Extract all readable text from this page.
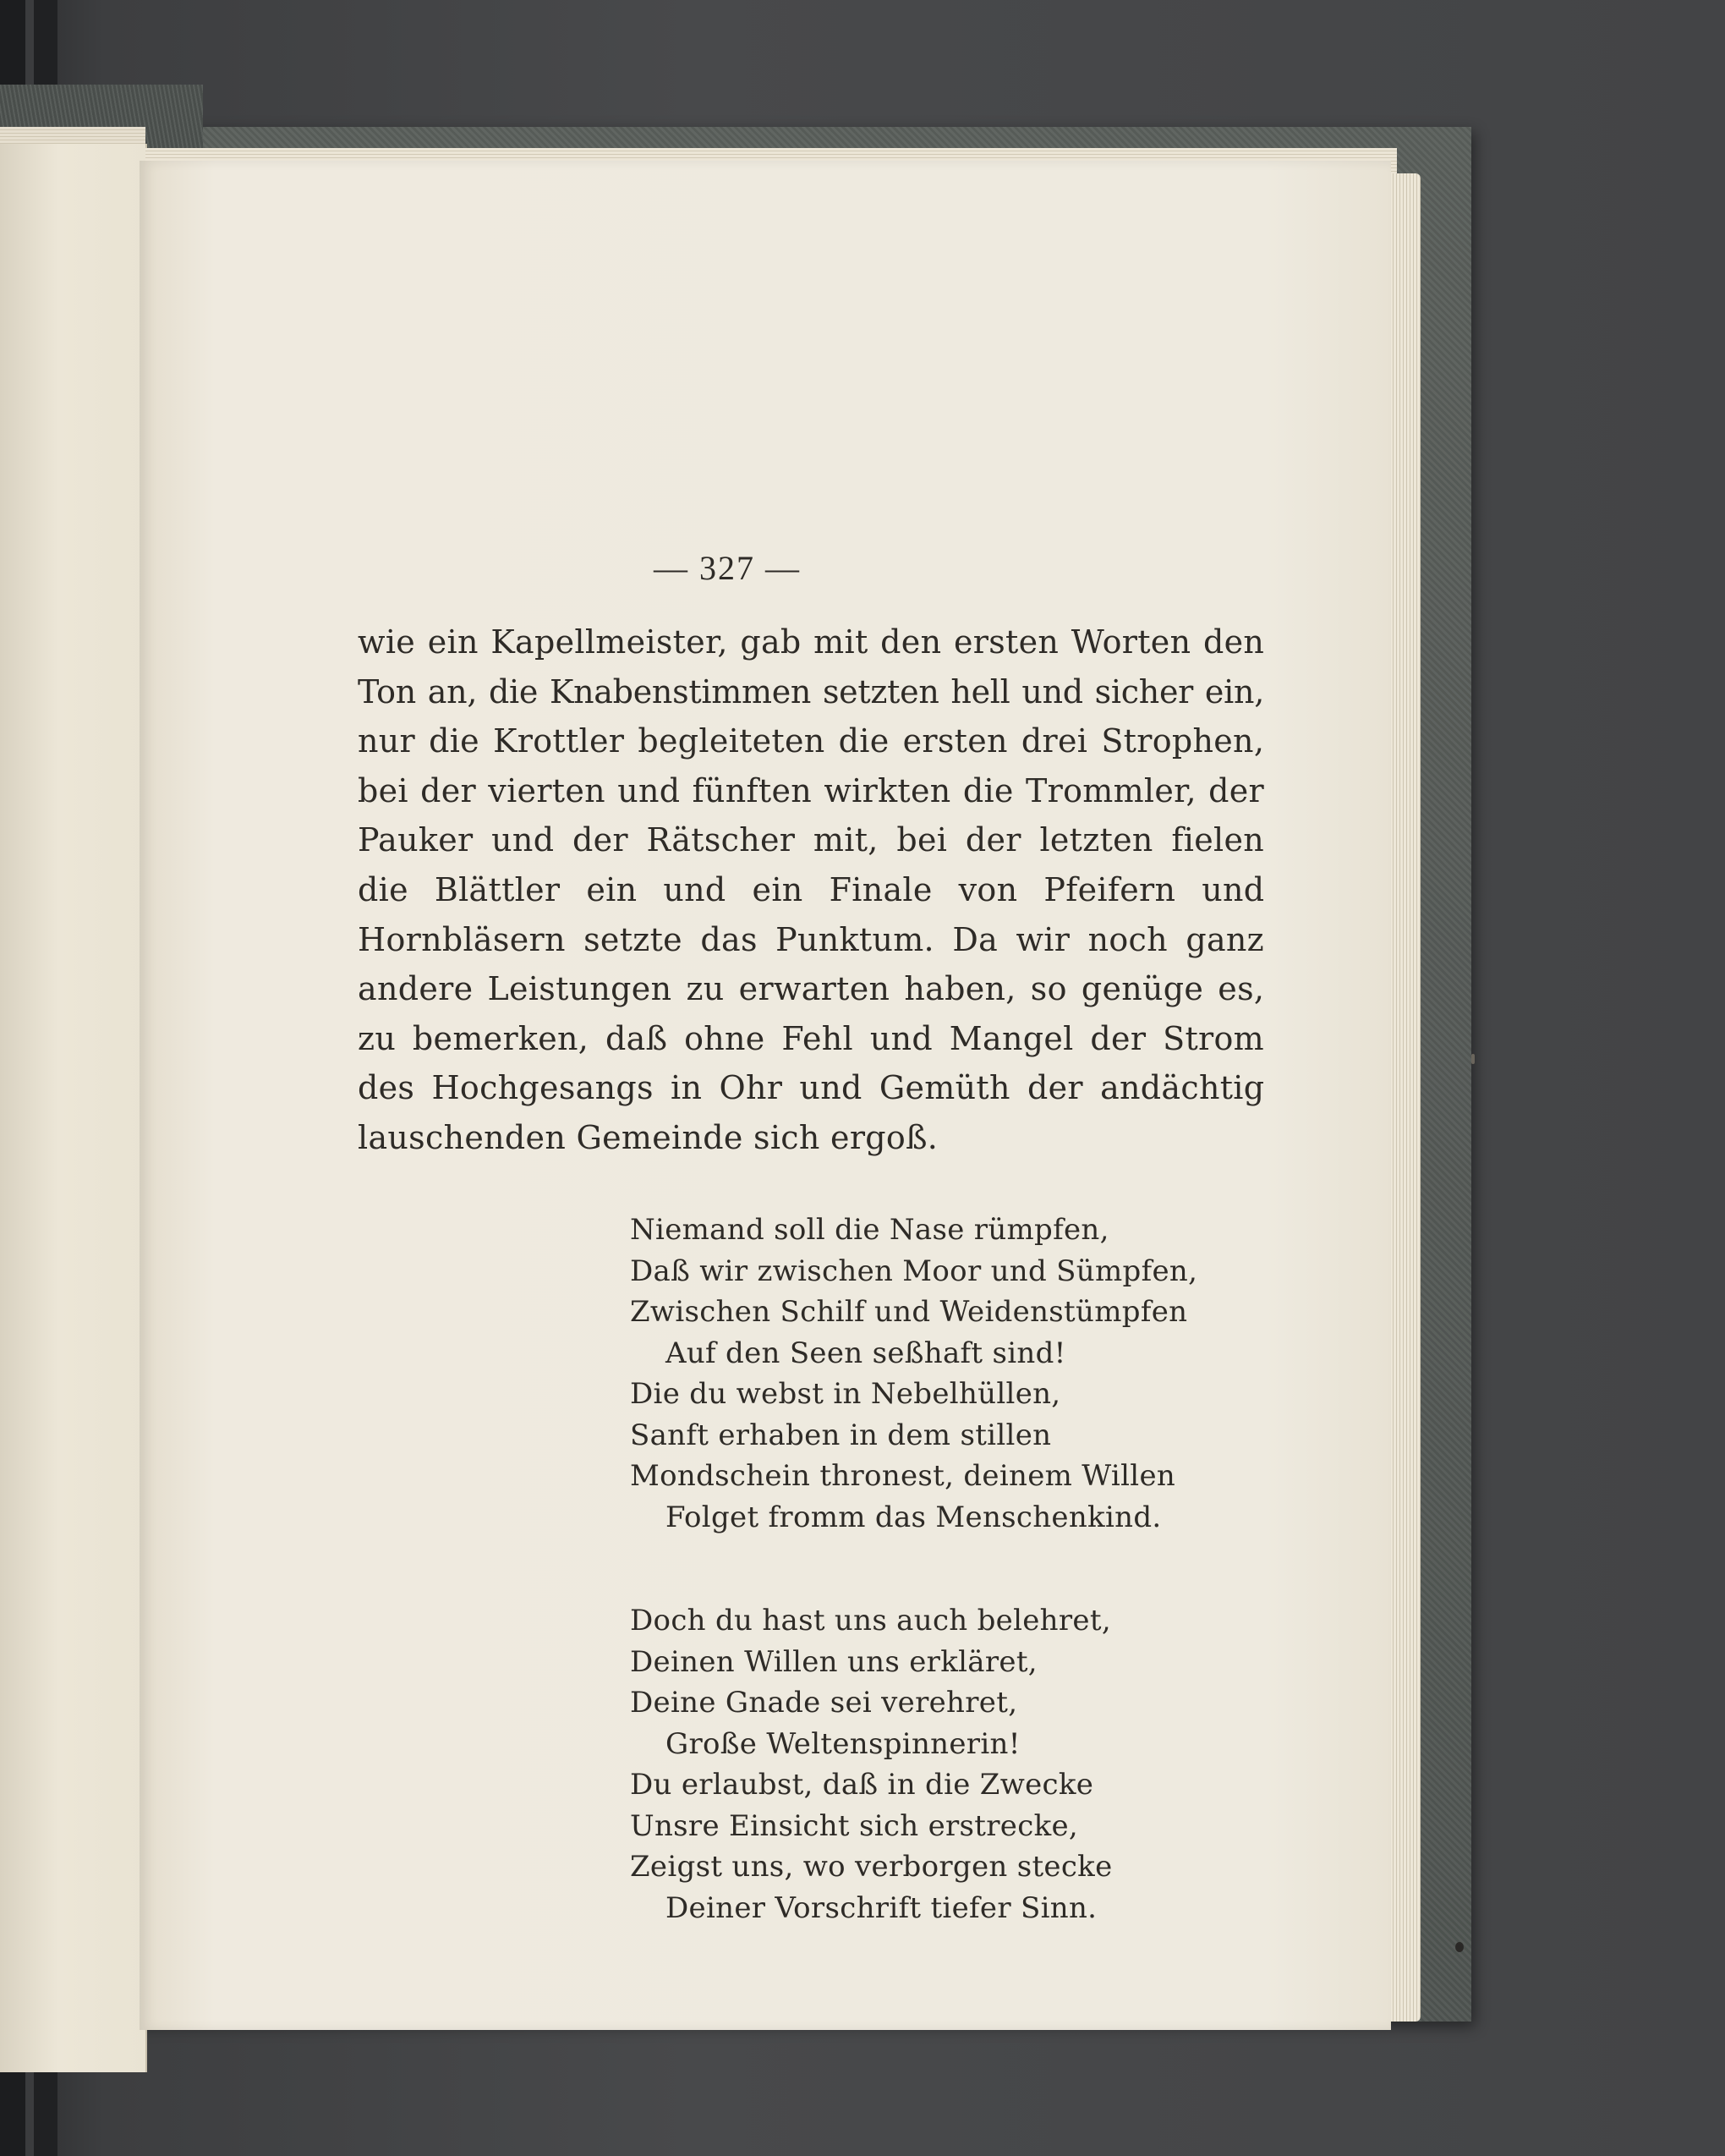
— 327 —
wie ein Kapellmeister, gab mit den ersten Worten den
Ton an, die Knabenstimmen setzten hell und sicher ein,
nur die Krottler begleiteten die ersten drei Strophen,
bei der vierten und fünften wirkten die Trommler, der
Pauker und der Rätscher mit, bei der letzten fielen
die Blättler ein und ein Finale von Pfeifern und
Hornbläsern setzte das Punktum. Da wir noch ganz
andere Leistungen zu erwarten haben, so genüge es,
zu bemerken, daß ohne Fehl und Mangel der Strom
des Hochgesangs in Ohr und Gemüth der andächtig
lauschenden Gemeinde sich ergoß.
Niemand soll die Nase rümpfen,
Daß wir zwischen Moor und Sümpfen,
Zwischen Schilf und Weidenstümpfen
Auf den Seen seßhaft sind!
Die du webst in Nebelhüllen,
Sanft erhaben in dem stillen
Mondschein thronest, deinem Willen
Folget fromm das Menschenkind.
Doch du hast uns auch belehret,
Deinen Willen uns erkläret,
Deine Gnade sei verehret,
Große Weltenspinnerin!
Du erlaubst, daß in die Zwecke
Unsre Einsicht sich erstrecke,
Zeigst uns, wo verborgen stecke
Deiner Vorschrift tiefer Sinn.
